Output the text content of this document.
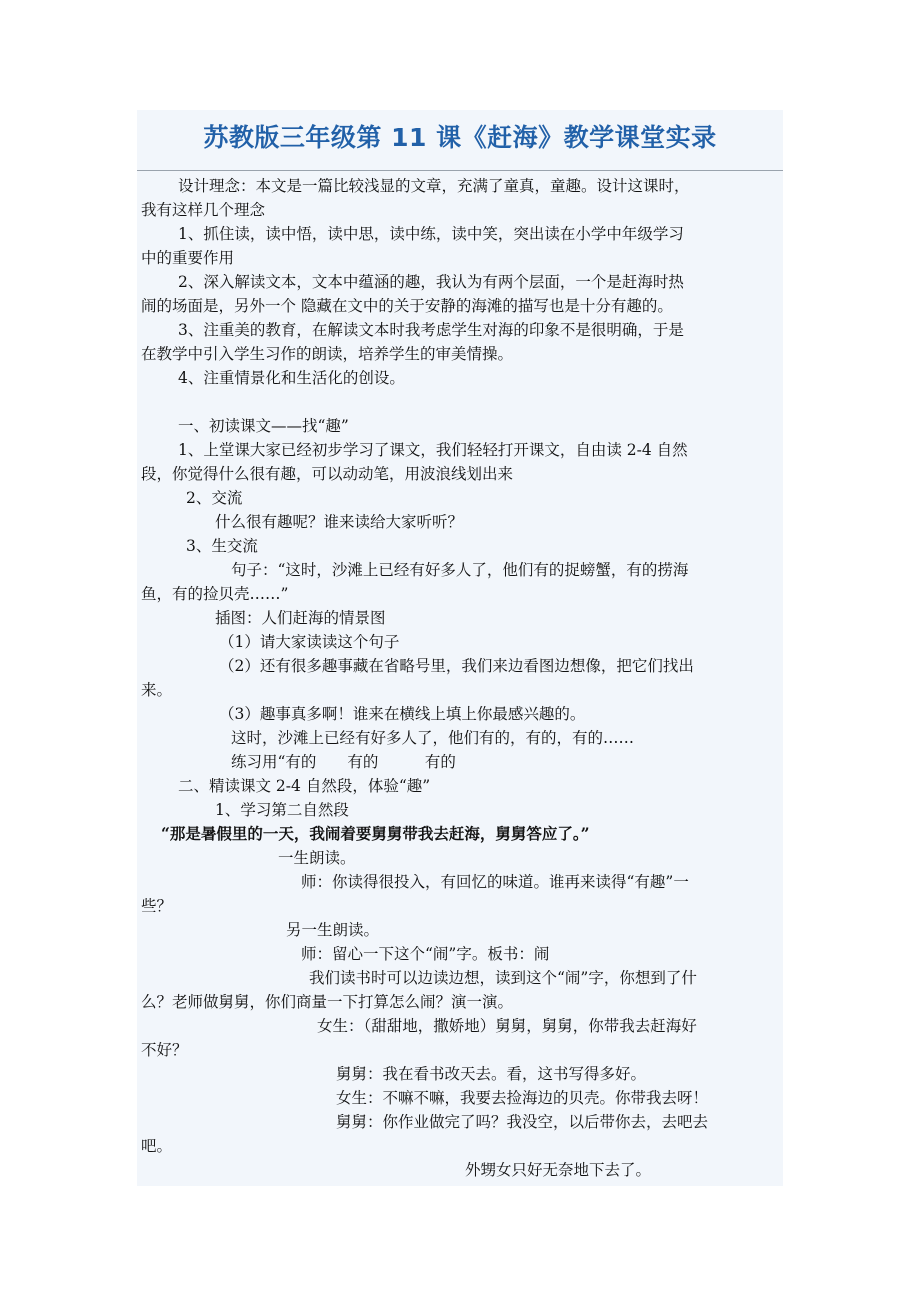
苏教版三年级第 11 课《赶海》教学课堂实录
设计理念：本文是一篇比较浅显的文章，充满了童真，童趣。设计这课时，
我有这样几个理念
1、抓住读，读中悟，读中思，读中练，读中笑，突出读在小学中年级学习
中的重要作用
2、深入解读文本，文本中蕴涵的趣，我认为有两个层面，一个是赶海时热
闹的场面是，另外一个 隐藏在文中的关于安静的海滩的描写也是十分有趣的。
3、注重美的教育，在解读文本时我考虑学生对海的印象不是很明确，于是
在教学中引入学生习作的朗读，培养学生的审美情操。
4、注重情景化和生活化的创设。
一、初读课文——找“趣”
1、上堂课大家已经初步学习了课文，我们轻轻打开课文，自由读 2-4 自然
段，你觉得什么很有趣，可以动动笔，用波浪线划出来
2、交流
什么很有趣呢？谁来读给大家听听？
3、生交流
句子：“这时，沙滩上已经有好多人了，他们有的捉螃蟹，有的捞海
鱼，有的捡贝壳……”
插图：人们赶海的情景图
（1）请大家读读这个句子
（2）还有很多趣事藏在省略号里，我们来边看图边想像，把它们找出
来。
（3）趣事真多啊！谁来在横线上填上你最感兴趣的。
这时，沙滩上已经有好多人了，他们有的，有的，有的……
练习用“有的　　有的　　　有的
二、精读课文 2-4 自然段，体验“趣”
1、学习第二自然段
“那是暑假里的一天，我闹着要舅舅带我去赶海，舅舅答应了。”
一生朗读。
师：你读得很投入，有回忆的味道。谁再来读得“有趣”一
些？
另一生朗读。
师：留心一下这个“闹”字。板书：闹
我们读书时可以边读边想，读到这个“闹”字，你想到了什
么？老师做舅舅，你们商量一下打算怎么闹？演一演。
女生：（甜甜地，撒娇地）舅舅，舅舅，你带我去赶海好
不好？
舅舅：我在看书改天去。看，这书写得多好。
女生：不嘛不嘛，我要去捡海边的贝壳。你带我去呀！
舅舅：你作业做完了吗？我没空，以后带你去，去吧去
吧。
外甥女只好无奈地下去了。
